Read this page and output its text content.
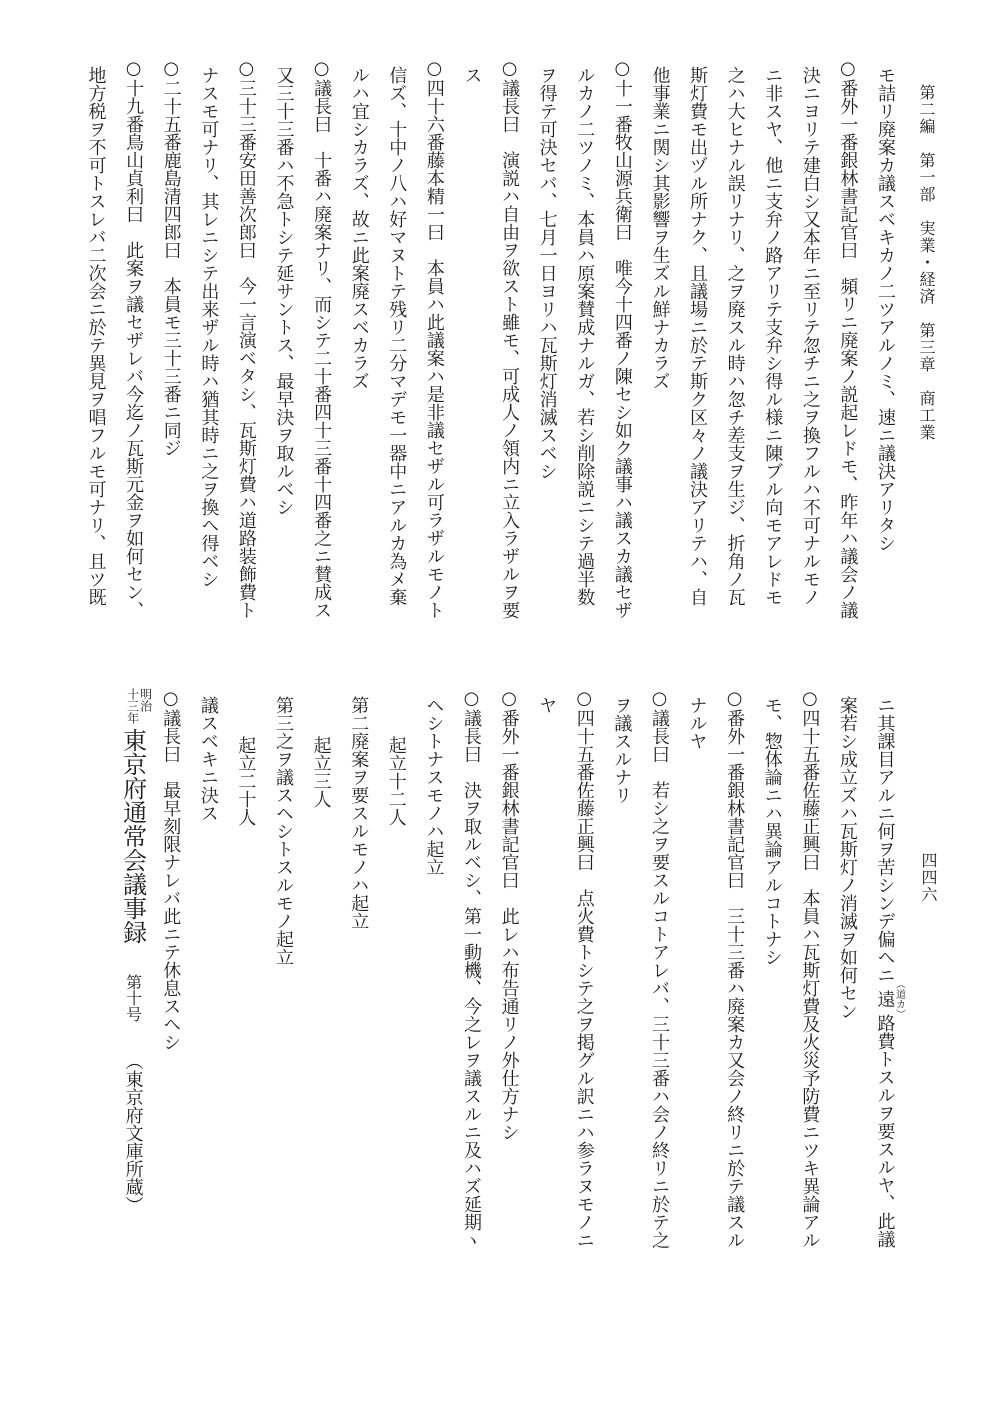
第二編　第一部　実業・経済　第三章　商工業
モ詰リ廃案カ議スベキカノ二ツアルノミ、速ニ議決アリタシ
○番外一番銀林書記官曰　頻リニ廃案ノ説起レドモ、昨年ハ議会ノ議
決ニヨリテ建白シ又本年ニ至リテ忽チニ之ヲ換フルハ不可ナルモノ
ニ非スヤ、他ニ支弁ノ路アリテ支弁シ得ル様ニ陳ブル向モアレドモ
之ハ大ヒナル誤リナリ、之ヲ廃スル時ハ忽チ差支ヲ生ジ、折角ノ瓦
斯灯費モ出ヅル所ナク、且議場ニ於テ斯ク区々ノ議決アリテハ、自
他事業ニ関シ其影響ヲ生ズル鮮ナカラズ
○十一番牧山源兵衛曰　唯今十四番ノ陳セシ如ク議事ハ議スカ議セザ
ルカノ二ツノミ、本員ハ原案賛成ナルガ、若シ削除説ニシテ過半数
ヲ得テ可決セバ、七月一日ヨリハ瓦斯灯消滅スベシ
○議長曰　演説ハ自由ヲ欲スト雖モ、可成人ノ領内ニ立入ラザルヲ要
ス
○四十六番藤本精一曰　本員ハ此議案ハ是非議セザル可ラザルモノト
信ズ、十中ノ八ハ好マヌトテ残リ二分マデモ一器中ニアルカ為メ棄
ルハ宜シカラズ、故ニ此案廃スベカラズ
○議長曰　十番ハ廃案ナリ、而シテ二十番四十三番十四番之ニ賛成ス
又三十三番ハ不急トシテ延サントス、最早決ヲ取ルベシ
○三十三番安田善次郎曰　今一言演ベタシ、瓦斯灯費ハ道路装飾費ト
ナスモ可ナリ、其レニシテ出来ザル時ハ猶其時ニ之ヲ換ヘ得ベシ
○二十五番鹿島清四郎曰　本員モ三十三番ニ同ジ
○十九番鳥山貞利曰　此案ヲ議セザレバ今迄ノ瓦斯元金ヲ如何セン、
地方税ヲ不可トスレバ二次会ニ於テ異見ヲ唱フルモ可ナリ、且ツ既
四四六
ニ其課目アルニ何ヲ苦シンデ偏ヘニ遠（道カ）路費トスルヲ要スルヤ、此議
案若シ成立ズハ瓦斯灯ノ消滅ヲ如何セン
○四十五番佐藤正興曰　本員ハ瓦斯灯費及火災予防費ニツキ異論アル
モ、惣体論ニハ異論アルコトナシ
○番外一番銀林書記官曰　三十三番ハ廃案カ又会ノ終リニ於テ議スル
ナルヤ
○議長曰　若シ之ヲ要スルコトアレバ、三十三番ハ会ノ終リニ於テ之
ヲ議スルナリ
○四十五番佐藤正興曰　点火費トシテ之ヲ掲グル訳ニハ参ラヌモノニ
ヤ
○番外一番銀林書記官曰　此レハ布告通リノ外仕方ナシ
○議長曰　決ヲ取ルベシ、第一動機、今之レヲ議スルニ及ハズ延期ヽ
ヘシトナスモノハ起立
起立十二人
第二廃案ヲ要スルモノハ起立
起立三人
第三之ヲ議スヘシトスルモノ起立
起立二十人
議スベキニ決ス
○議長曰　最早刻限ナレバ此ニテ休息スヘシ
明治
十三年
東京府通常会議事録第十号（東京府文庫所蔵）
